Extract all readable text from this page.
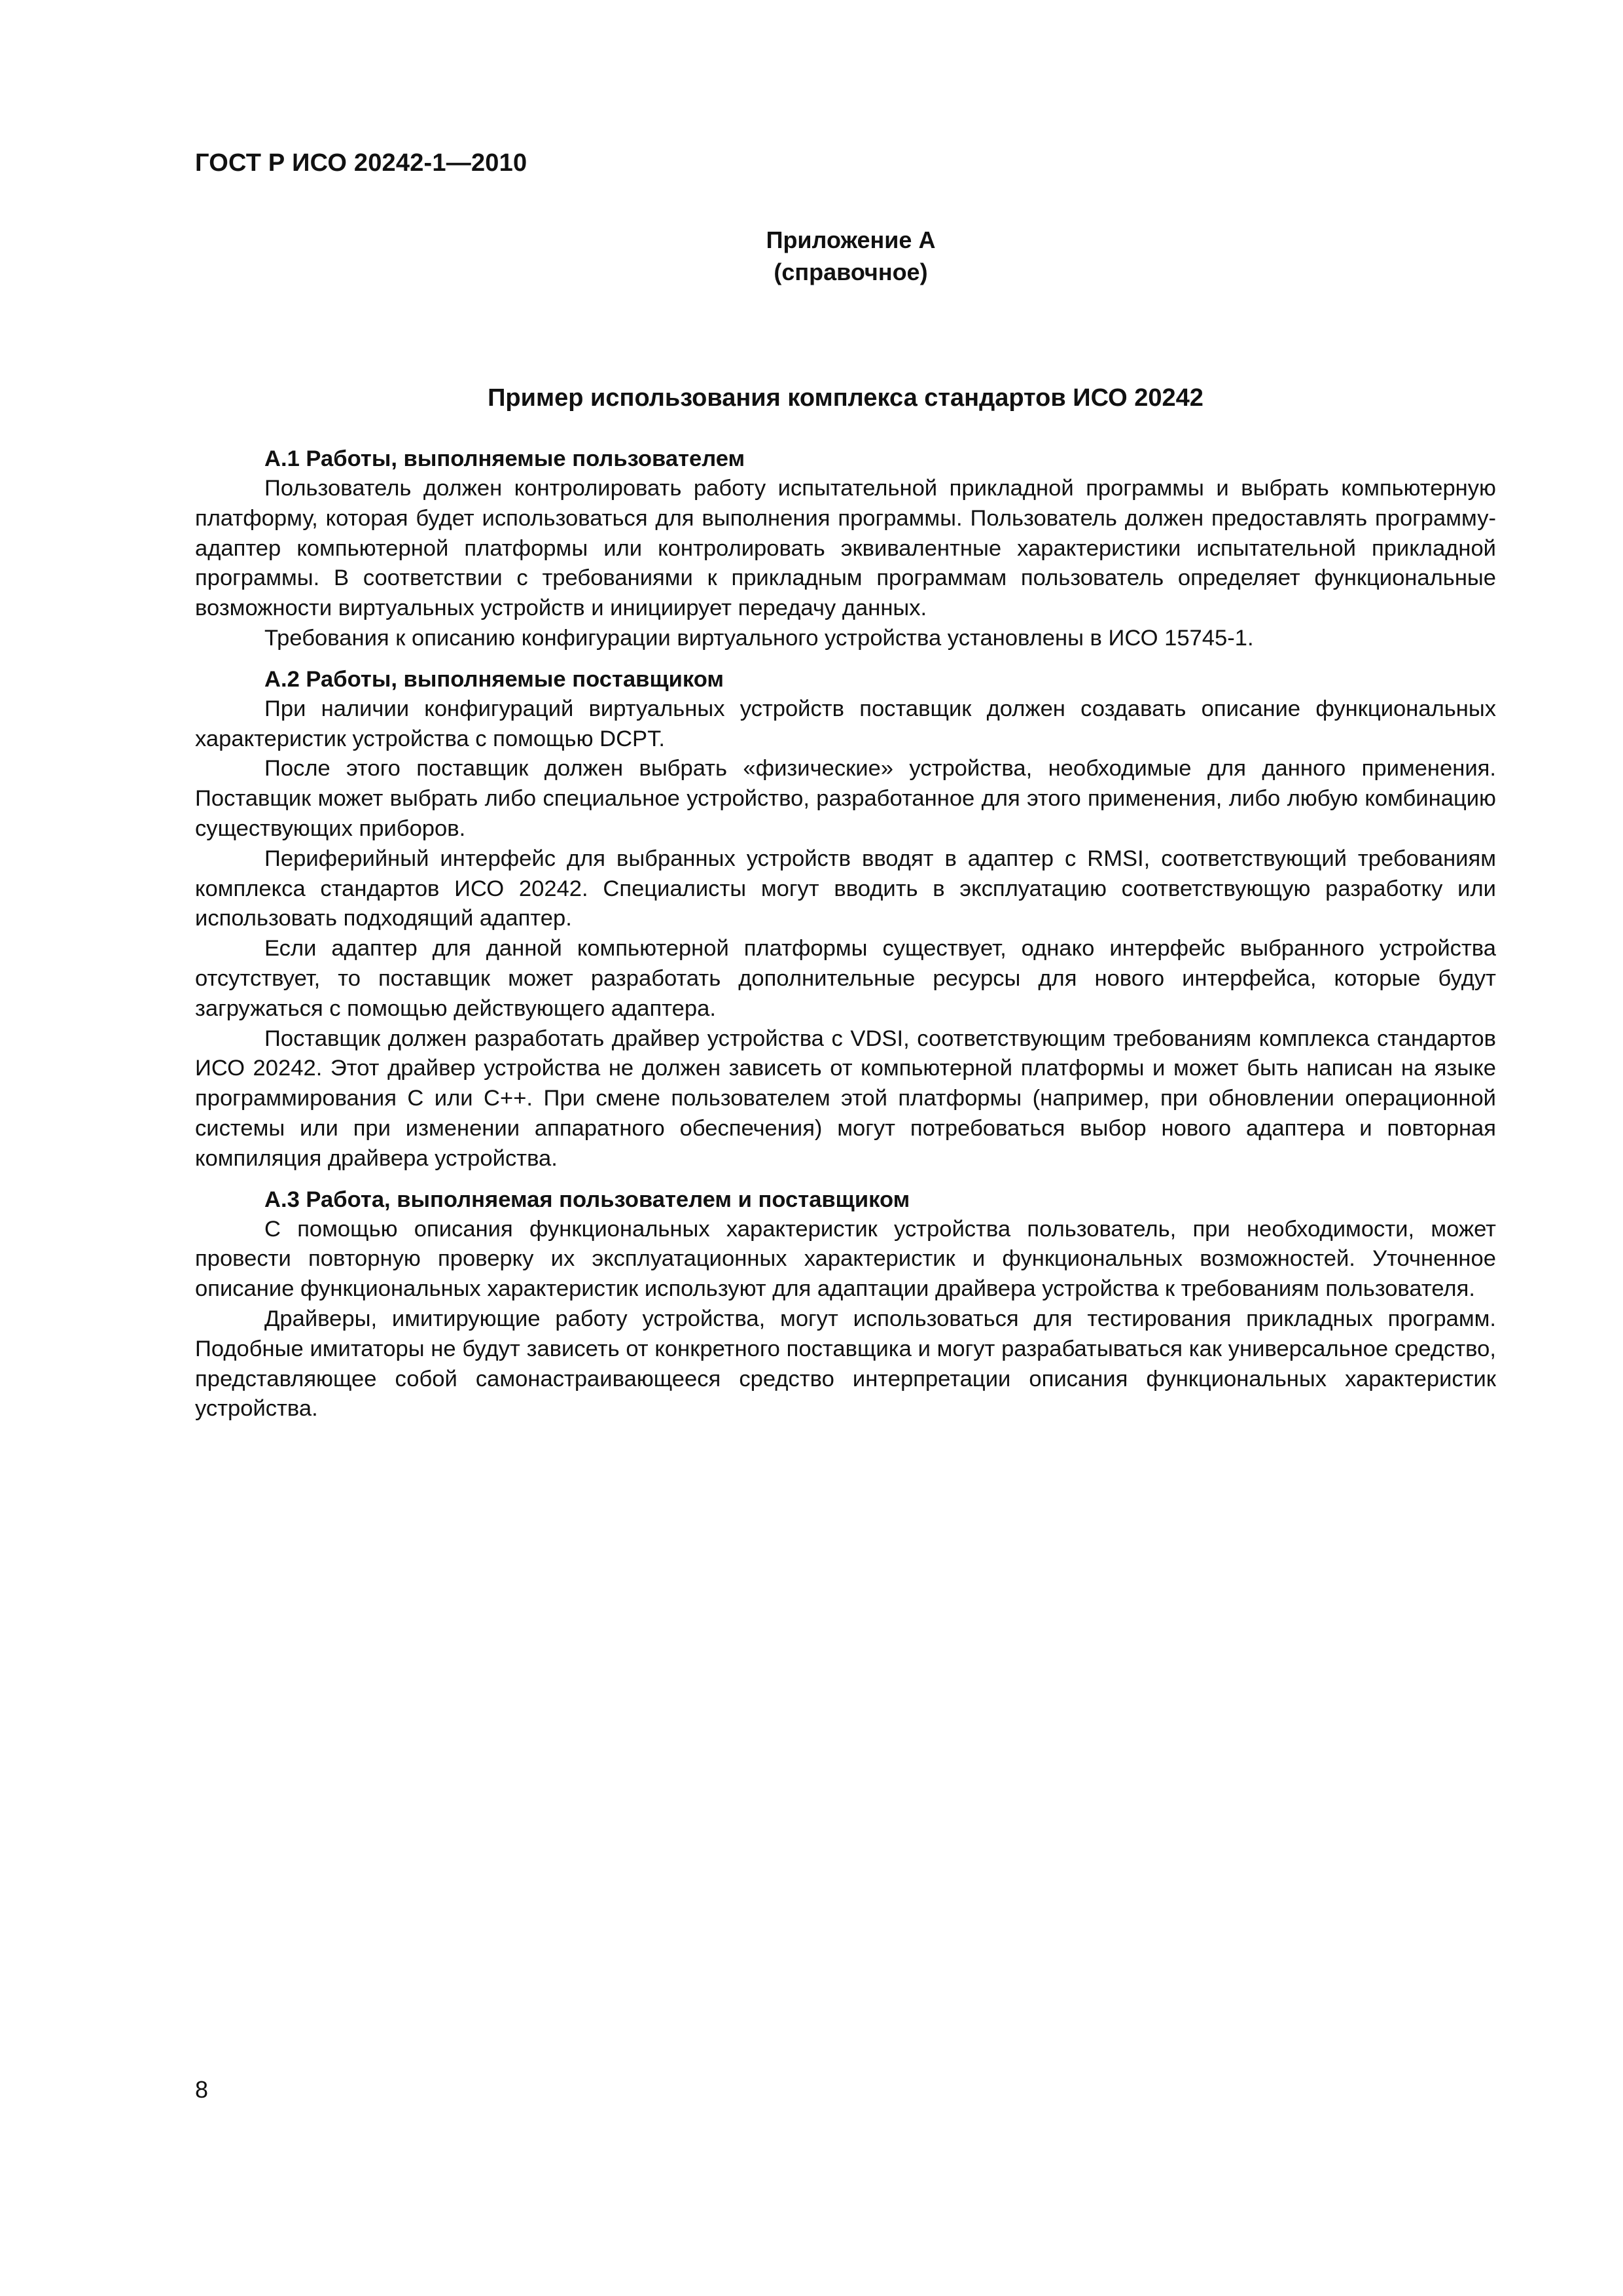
ГОСТ Р ИСО 20242-1—2010
Приложение А
(справочное)
Пример использования комплекса стандартов ИСО 20242

А.1 Работы, выполняемые пользователем

Пользователь должен контролировать работу испытательной прикладной программы и выбрать компьютерную платформу, которая будет использоваться для выполнения программы. Пользователь должен предоставлять программу-адаптер компьютерной платформы или контролировать эквивалентные характеристики испытательной прикладной программы. В соответствии с требованиями к прикладным программам пользователь определяет функциональные возможности виртуальных устройств и инициирует передачу данных.

Требования к описанию конфигурации виртуального устройства установлены в ИСО 15745-1.

А.2 Работы, выполняемые поставщиком

При наличии конфигураций виртуальных устройств поставщик должен создавать описание функциональных характеристик устройства с помощью DCPT.

После этого поставщик должен выбрать «физические» устройства, необходимые для данного применения. Поставщик может выбрать либо специальное устройство, разработанное для этого применения, либо любую комбинацию существующих приборов.

Периферийный интерфейс для выбранных устройств вводят в адаптер с RMSI, соответствующий требованиям комплекса стандартов ИСО 20242. Специалисты могут вводить в эксплуатацию соответствующую разработку или использовать подходящий адаптер.

Если адаптер для данной компьютерной платформы существует, однако интерфейс выбранного устройства отсутствует, то поставщик может разработать дополнительные ресурсы для нового интерфейса, которые будут загружаться с помощью действующего адаптера.

Поставщик должен разработать драйвер устройства с VDSI, соответствующим требованиям комплекса стандартов ИСО 20242. Этот драйвер устройства не должен зависеть от компьютерной платформы и может быть написан на языке программирования C или C++. При смене пользователем этой платформы (например, при обновлении операционной системы или при изменении аппаратного обеспечения) могут потребоваться выбор нового адаптера и повторная компиляция драйвера устройства.

А.3 Работа, выполняемая пользователем и поставщиком

С помощью описания функциональных характеристик устройства пользователь, при необходимости, может провести повторную проверку их эксплуатационных характеристик и функциональных возможностей. Уточненное описание функциональных характеристик используют для адаптации драйвера устройства к требованиям пользователя.

Драйверы, имитирующие работу устройства, могут использоваться для тестирования прикладных программ. Подобные имитаторы не будут зависеть от конкретного поставщика и могут разрабатываться как универсальное средство, представляющее собой самонастраивающееся средство интерпретации описания функциональных характеристик устройства.

8
